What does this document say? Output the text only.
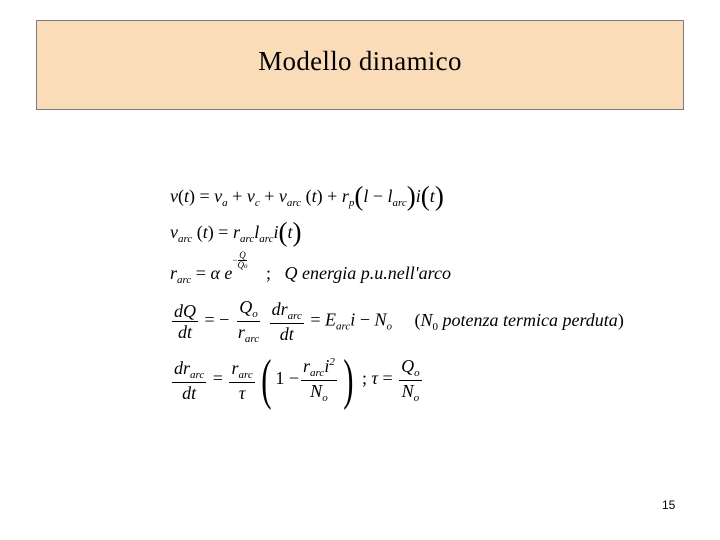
Modello dinamico
$v(t) = v_a + v_c + v_{arc}$ $(t) + r_p(l - l_{arc})i(t)$
$v_{arc}$ $(t) = r_{arc}l_{arc}i(t)$
$r_{arc} = \alpha$ e
− $\frac{Q}{Qo}$
; Q energia p.u.nell'arco
$\frac{dQ}{dt}$ = − $\frac{Q_o}{r_{arc}}$
$\frac{dr_{arc}}{dt} = E_{arc}i - N_o$ ($N_0$ potenza termica perduta)
$\frac{dr_{arc}}{dt} = \frac{r_{arc}}{\tau}$ ( $1 - \frac{r_{arc}i^2}{N_o}$ ) ; $\tau = \frac{Q_o}{N_o}$
15
